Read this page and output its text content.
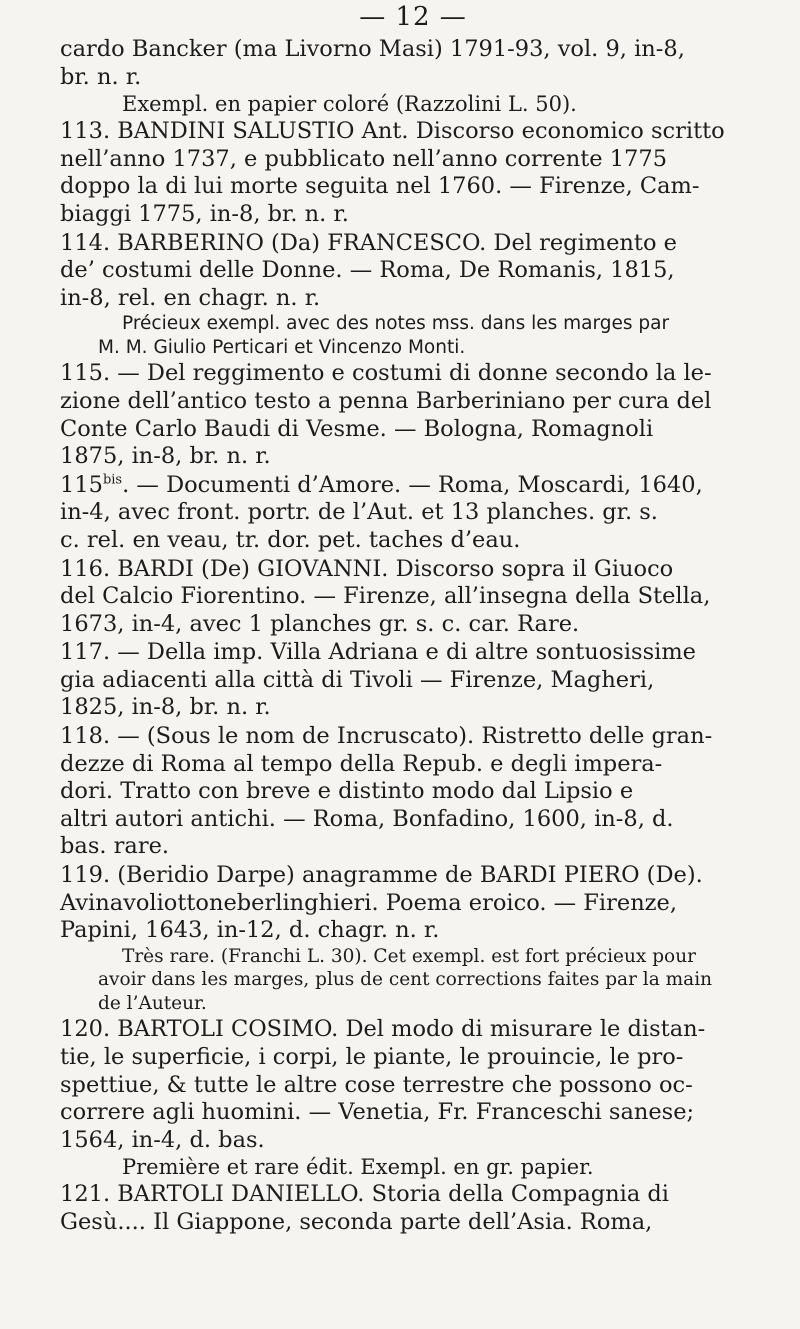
— 12 —

cardo Bancker (ma Livorno Masi) 1791-93, vol. 9, in-8,

br. n. r.

Exempl. en papier coloré (Razzolini L. 50).

113. BANDINI SALUSTIO Ant. Discorso economico scritto

nell’anno 1737, e pubblicato nell’anno corrente 1775

doppo la di lui morte seguita nel 1760. — Firenze, Cam-

biaggi 1775, in-8, br. n. r.

114. BARBERINO (Da) FRANCESCO. Del regimento e

de’ costumi delle Donne. — Roma, De Romanis, 1815,

in-8, rel. en chagr. n. r.

Précieux exempl. avec des notes mss. dans les marges par

M. M. Giulio Perticari et Vincenzo Monti.

115. — Del reggimento e costumi di donne secondo la le-

zione dell’antico testo a penna Barberiniano per cura del

Conte Carlo Baudi di Vesme. — Bologna, Romagnoli

1875, in-8, br. n. r.

$115^{bis}$. — Documenti d’Amore. — Roma, Moscardi, 1640,

in-4, avec front. portr. de l’Aut. et 13 planches. gr. s.

c. rel. en veau, tr. dor. pet. taches d’eau.

116. BARDI (De) GIOVANNI. Discorso sopra il Giuoco

del Calcio Fiorentino. — Firenze, all’insegna della Stella,

1673, in-4, avec 1 planches gr. s. c. car. Rare.

117. — Della imp. Villa Adriana e di altre sontuosissime

gia adiacenti alla città di Tivoli — Firenze, Magheri,

1825, in-8, br. n. r.

118. — (Sous le nom de Incruscato). Ristretto delle gran-

dezze di Roma al tempo della Repub. e degli impera-

dori. Tratto con breve e distinto modo dal Lipsio e

altri autori antichi. — Roma, Bonfadino, 1600, in-8, d.

bas. rare.

119. (Beridio Darpe) anagramme de BARDI PIERO (De).

Avinavoliottoneberlinghieri. Poema eroico. — Firenze,

Papini, 1643, in-12, d. chagr. n. r.

Très rare. (Franchi L. 30). Cet exempl. est fort précieux pour

avoir dans les marges, plus de cent corrections faites par la main

de l’Auteur.

120. BARTOLI COSIMO. Del modo di misurare le distan-

tie, le superficie, i corpi, le piante, le prouincie, le pro-

spettiue, & tutte le altre cose terrestre che possono oc-

correre agli huomini. — Venetia, Fr. Franceschi sanese;

1564, in-4, d. bas.

Première et rare édit. Exempl. en gr. papier.

121. BARTOLI DANIELLO. Storia della Compagnia di

Gesù.... Il Giappone, seconda parte dell’Asia. Roma,
